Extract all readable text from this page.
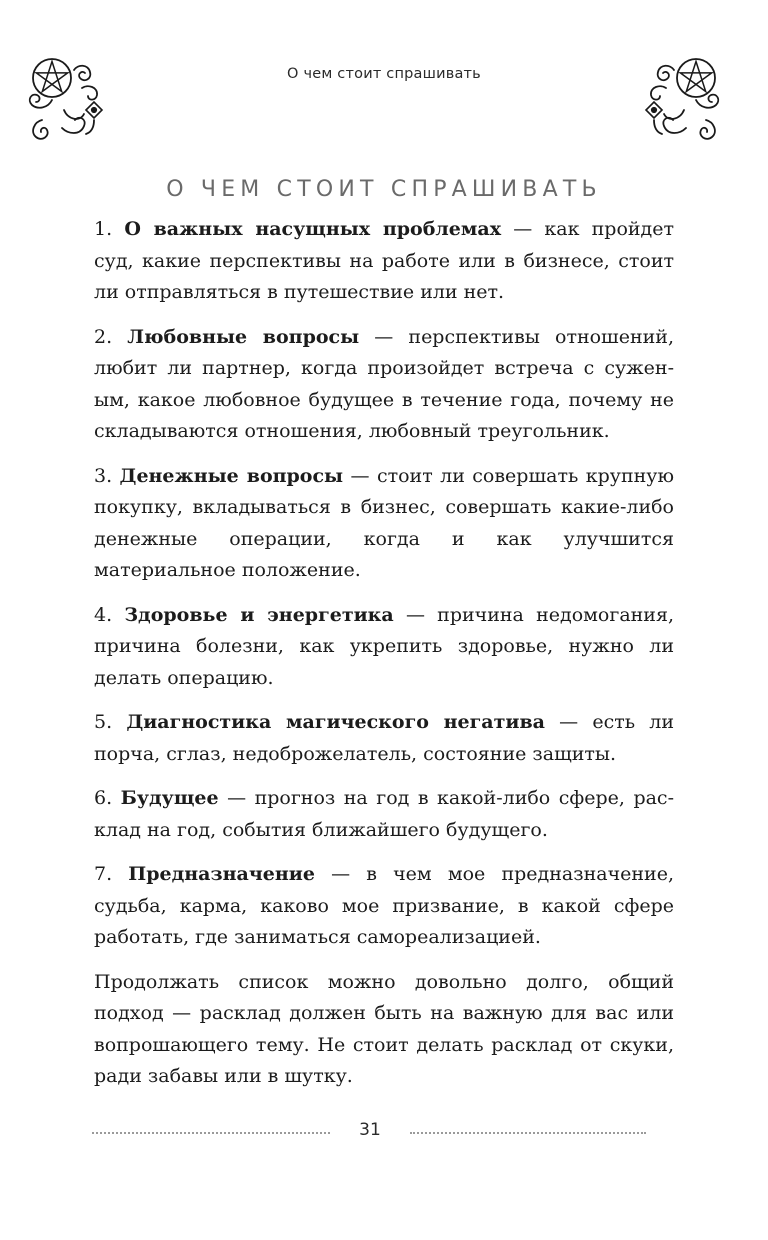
О чем стоит спрашивать
О ЧЕМ СТОИТ СПРАШИВАТЬ

1. О важных насущных проблемах — как пройдет суд, какие перспективы на работе или в бизнесе, стоит ли отправляться в путешествие или нет.

2. Любовные вопросы — перспективы отношений, любит ли партнер, когда произойдет встреча с суженым, какое любовное будущее в течение года, почему не складываются отношения, любовный треугольник.

3. Денежные вопросы — стоит ли совершать крупную покупку, вкладываться в бизнес, совершать какие-либо денежные операции, когда и как улучшится материальное положение.

4. Здоровье и энергетика — причина недомогания, причина болезни, как укрепить здоровье, нужно ли делать операцию.

5. Диагностика магического негатива — есть ли порча, сглаз, недоброжелатель, состояние защиты.

6. Будущее — прогноз на год в какой-либо сфере, расклад на год, события ближайшего будущего.

7. Предназначение — в чем мое предназначение, судьба, карма, каково мое призвание, в какой сфере работать, где заниматься самореализацией.

Продолжать список можно довольно долго, общий подход — расклад должен быть на важную для вас или вопрошающего тему. Не стоит делать расклад от скуки, ради забавы или в шутку.

31
